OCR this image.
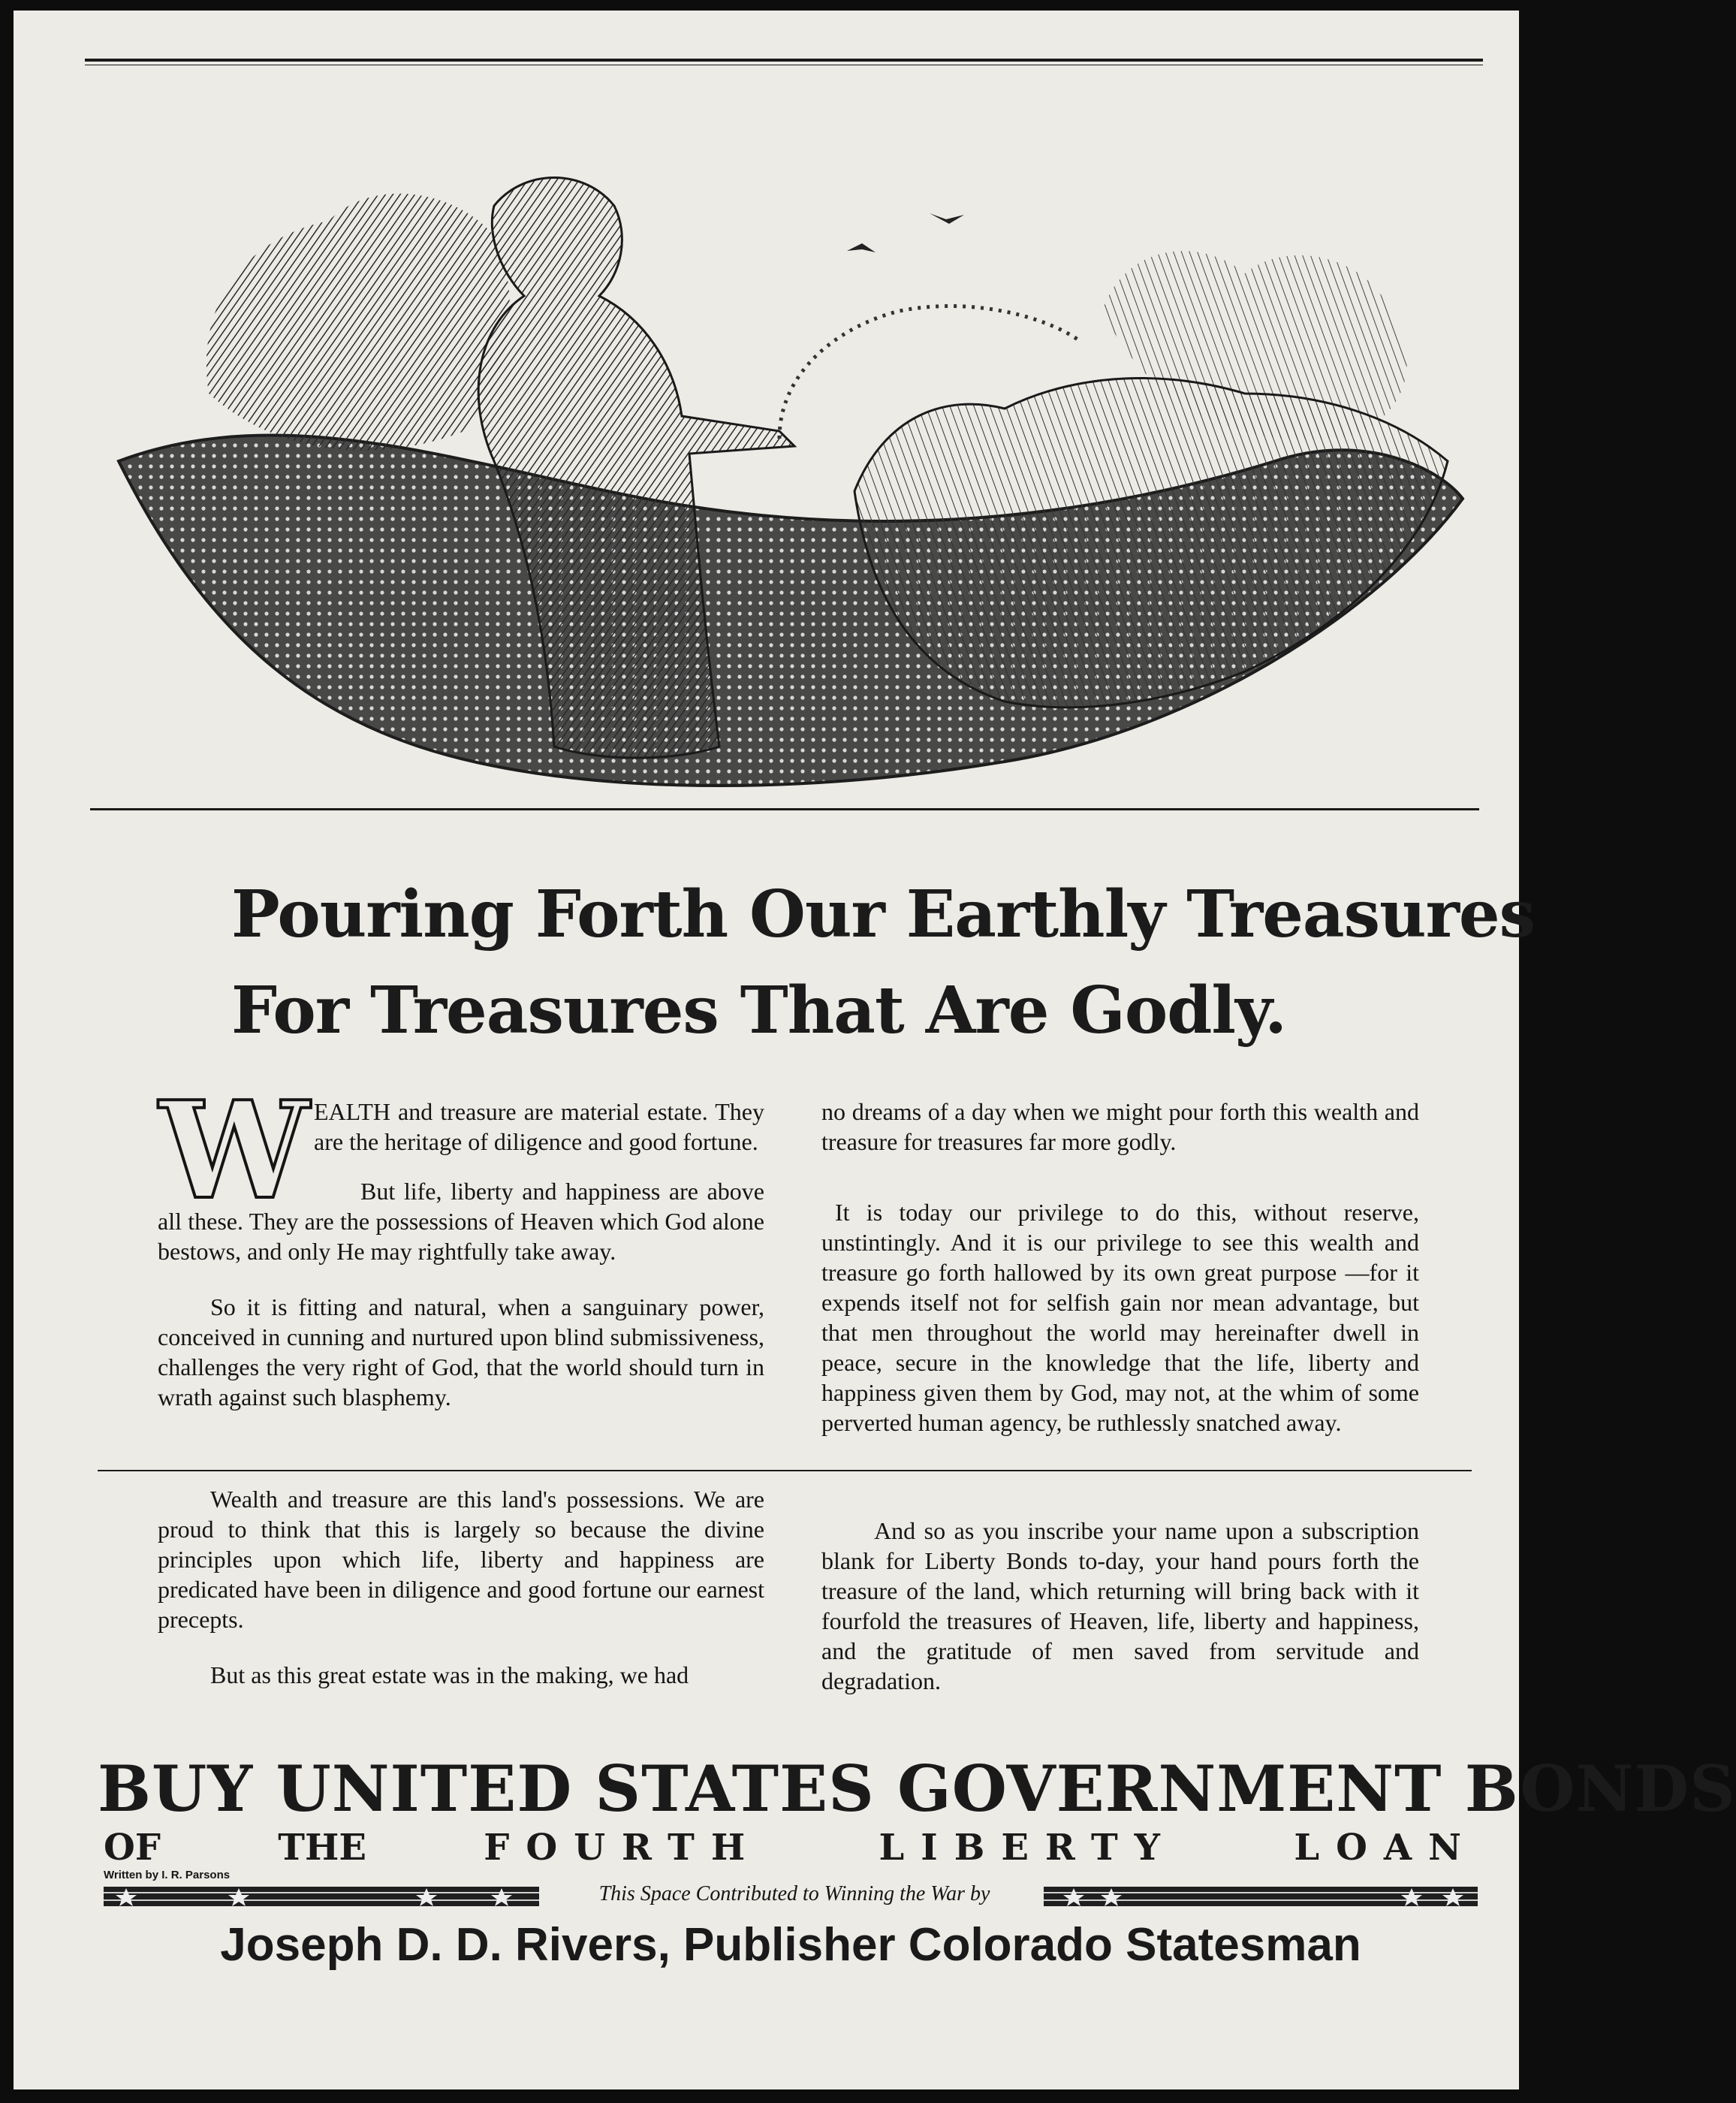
Pouring Forth Our Earthly Treasures
For Treasures That Are Godly.
W EALTH and treasure are material estate. They are the heritage of diligence and good fortune.

But life, liberty and happiness are above all these. They are the possessions of Heaven which God alone bestows, and only He may rightfully take away.

So it is fitting and natural, when a sanguinary power, conceived in cunning and nurtured upon blind submissiveness, challenges the very right of God, that the world should turn in wrath against such blasphemy.

no dreams of a day when we might pour forth this wealth and treasure for treasures far more godly.

It is today our privilege to do this, without reserve, unstintingly. And it is our privilege to see this wealth and treasure go forth hallowed by its own great purpose —for it expends itself not for selfish gain nor mean advantage, but that men throughout the world may hereinafter dwell in peace, secure in the knowledge that the life, liberty and happiness given them by God, may not, at the whim of some perverted human agency, be ruthlessly snatched away.

Wealth and treasure are this land's possessions. We are proud to think that this is largely so because the divine principles upon which life, liberty and happiness are predicated have been in diligence and good fortune our earnest precepts.

But as this great estate was in the making, we had

And so as you inscribe your name upon a subscription blank for Liberty Bonds to-day, your hand pours forth the treasure of the land, which returning will bring back with it fourfold the treasures of Heaven, life, liberty and happiness, and the gratitude of men saved from servitude and degradation.

BUY UNITED STATES GOVERNMENT BONDS
OF	THE	FOURTH	LIBERTY	LOAN
Written by I. R. Parsons
This Space Contributed to Winning the War by
Joseph D. D. Rivers, Publisher Colorado Statesman
